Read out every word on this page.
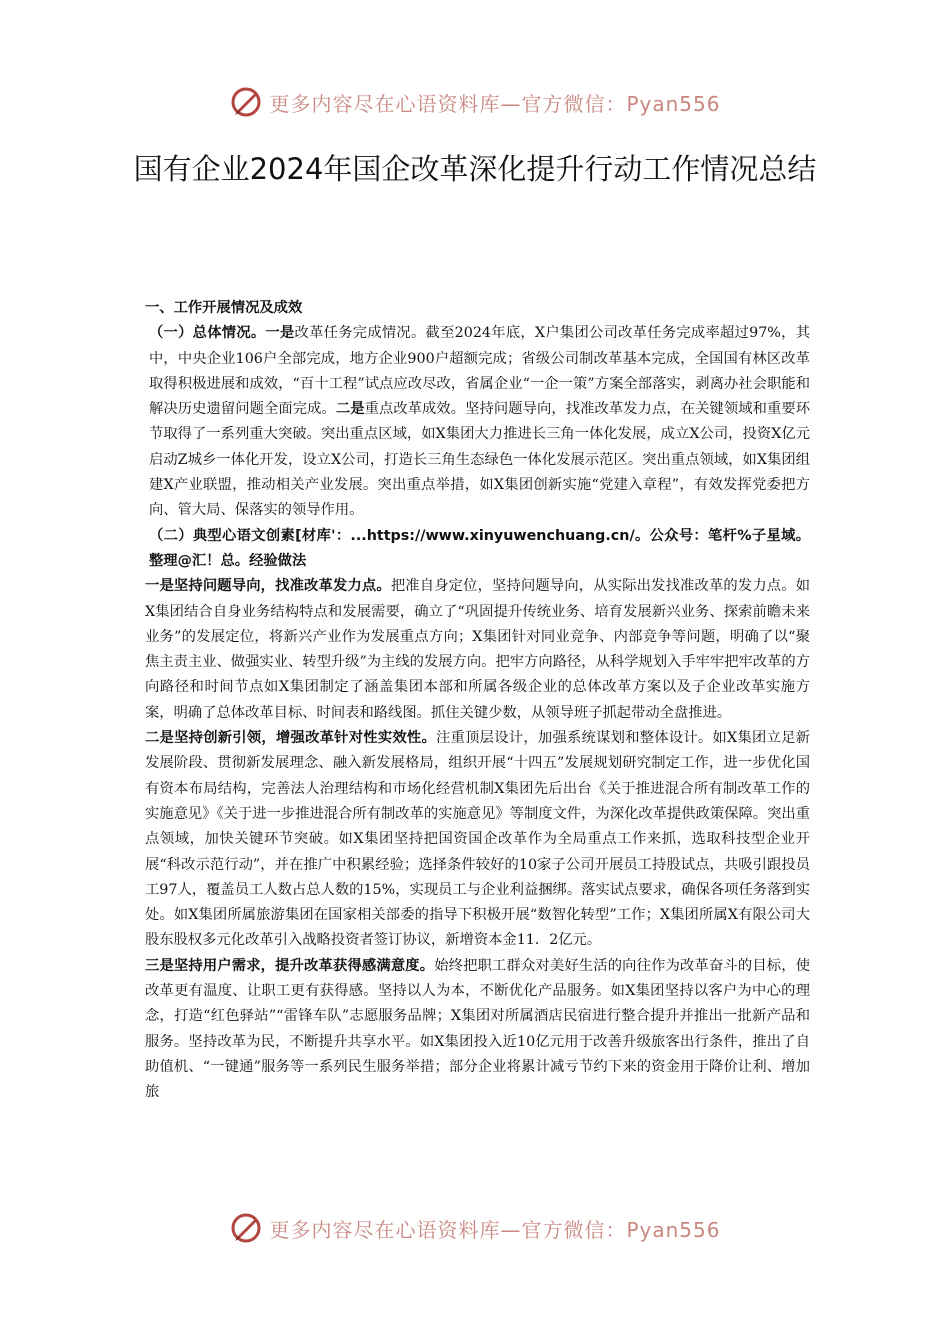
更多内容尽在心语资料库—官方微信：Pyan556
国有企业2024年国企改革深化提升行动工作情况总结

一、工作开展情况及成效

（一）总体情况。一是改革任务完成情况。截至2024年底，X户集团公司改革任务完成率超过97%，其中，中央企业106户全部完成，地方企业900户超额完成；省级公司制改革基本完成，全国国有林区改革取得积极进展和成效，“百十工程”试点应改尽改，省属企业“一企一策”方案全部落实，剥离办社会职能和解决历史遗留问题全面完成。二是重点改革成效。坚持问题导向，找准改革发力点，在关键领域和重要环节取得了一系列重大突破。突出重点区域，如X集团大力推进长三角一体化发展，成立X公司，投资X亿元启动Z城乡一体化开发，设立X公司，打造长三角生态绿色一体化发展示范区。突出重点领域，如X集团组建X产业联盟，推动相关产业发展。突出重点举措，如X集团创新实施“党建入章程”，有效发挥党委把方向、管大局、保落实的领导作用。

（二）典型心语文创素[材库'：...https://www.xinyuwenchuang.cn/。公众号：笔杆%子星域。整理@汇！总。经验做法

一是坚持问题导向，找准改革发力点。把准自身定位，坚持问题导向，从实际出发找准改革的发力点。如X集团结合自身业务结构特点和发展需要，确立了“巩固提升传统业务、培育发展新兴业务、探索前瞻未来业务”的发展定位，将新兴产业作为发展重点方向；X集团针对同业竞争、内部竞争等问题，明确了以“聚焦主责主业、做强实业、转型升级”为主线的发展方向。把牢方向路径，从科学规划入手牢牢把牢改革的方向路径和时间节点如X集团制定了涵盖集团本部和所属各级企业的总体改革方案以及子企业改革实施方案，明确了总体改革目标、时间表和路线图。抓住关键少数，从领导班子抓起带动全盘推进。

二是坚持创新引领，增强改革针对性实效性。注重顶层设计，加强系统谋划和整体设计。如X集团立足新发展阶段、贯彻新发展理念、融入新发展格局，组织开展“十四五”发展规划研究制定工作，进一步优化国有资本布局结构，完善法人治理结构和市场化经营机制X集团先后出台《关于推进混合所有制改革工作的实施意见》《关于进一步推进混合所有制改革的实施意见》等制度文件，为深化改革提供政策保障。突出重点领域，加快关键环节突破。如X集团坚持把国资国企改革作为全局重点工作来抓，选取科技型企业开展“科改示范行动”，并在推广中积累经验；选择条件较好的10家子公司开展员工持股试点，共吸引跟投员工97人，覆盖员工人数占总人数的15%，实现员工与企业利益捆绑。落实试点要求，确保各项任务落到实处。如X集团所属旅游集团在国家相关部委的指导下积极开展“数智化转型”工作；X集团所属X有限公司大股东股权多元化改革引入战略投资者签订协议，新增资本金11．2亿元。

三是坚持用户需求，提升改革获得感满意度。始终把职工群众对美好生活的向往作为改革奋斗的目标，使改革更有温度、让职工更有获得感。坚持以人为本，不断优化产品服务。如X集团坚持以客户为中心的理念，打造“红色驿站”“雷锋车队”志愿服务品牌；X集团对所属酒店民宿进行整合提升并推出一批新产品和服务。坚持改革为民，不断提升共享水平。如X集团投入近10亿元用于改善升级旅客出行条件，推出了自助值机、“一键通”服务等一系列民生服务举措；部分企业将累计减亏节约下来的资金用于降价让利、增加旅

更多内容尽在心语资料库—官方微信：Pyan556
